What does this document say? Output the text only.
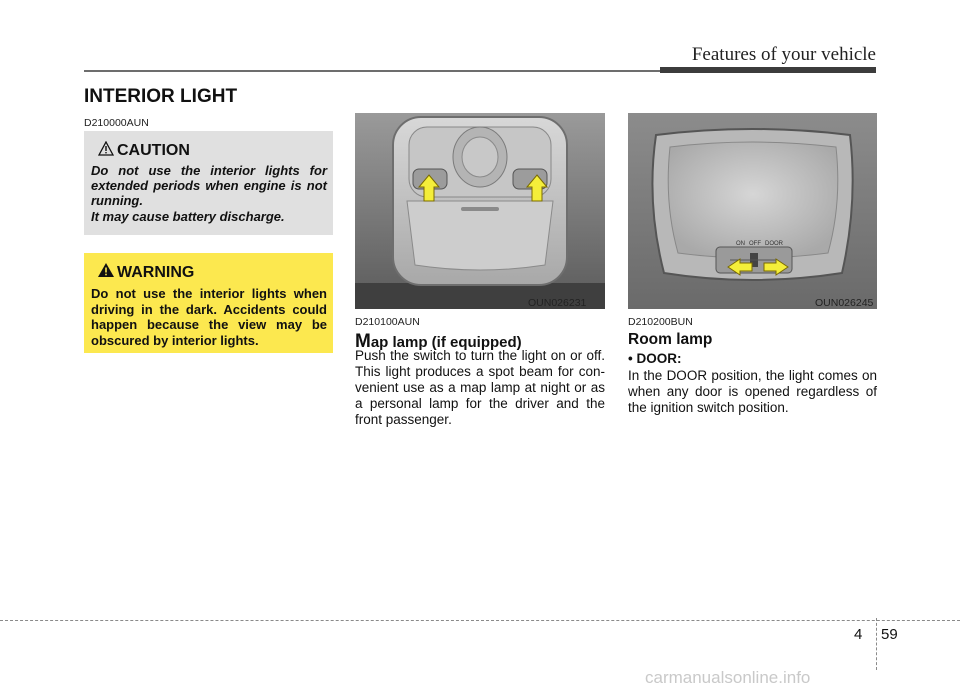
Features of your vehicle
INTERIOR LIGHT
D210000AUN
CAUTION
Do not use the interior lights for extended periods when engine is not running.
It may cause battery discharge.
WARNING
Do not use the interior lights when driving in the dark. Accidents could happen because the view may be obscured by interior lights.
OUN026231
ON OFF DOOR
OUN026245
D210100AUN
Map lamp (if equipped)
Push the switch to turn the light on or off. This light produces a spot beam for con-venient use as a map lamp at night or as a personal lamp for the driver and the front passenger.
D210200BUN
Room lamp
• DOOR:
In the DOOR position, the light comes on when any door is opened regardless of the ignition switch position.
4 59
carmanualsonline.info
